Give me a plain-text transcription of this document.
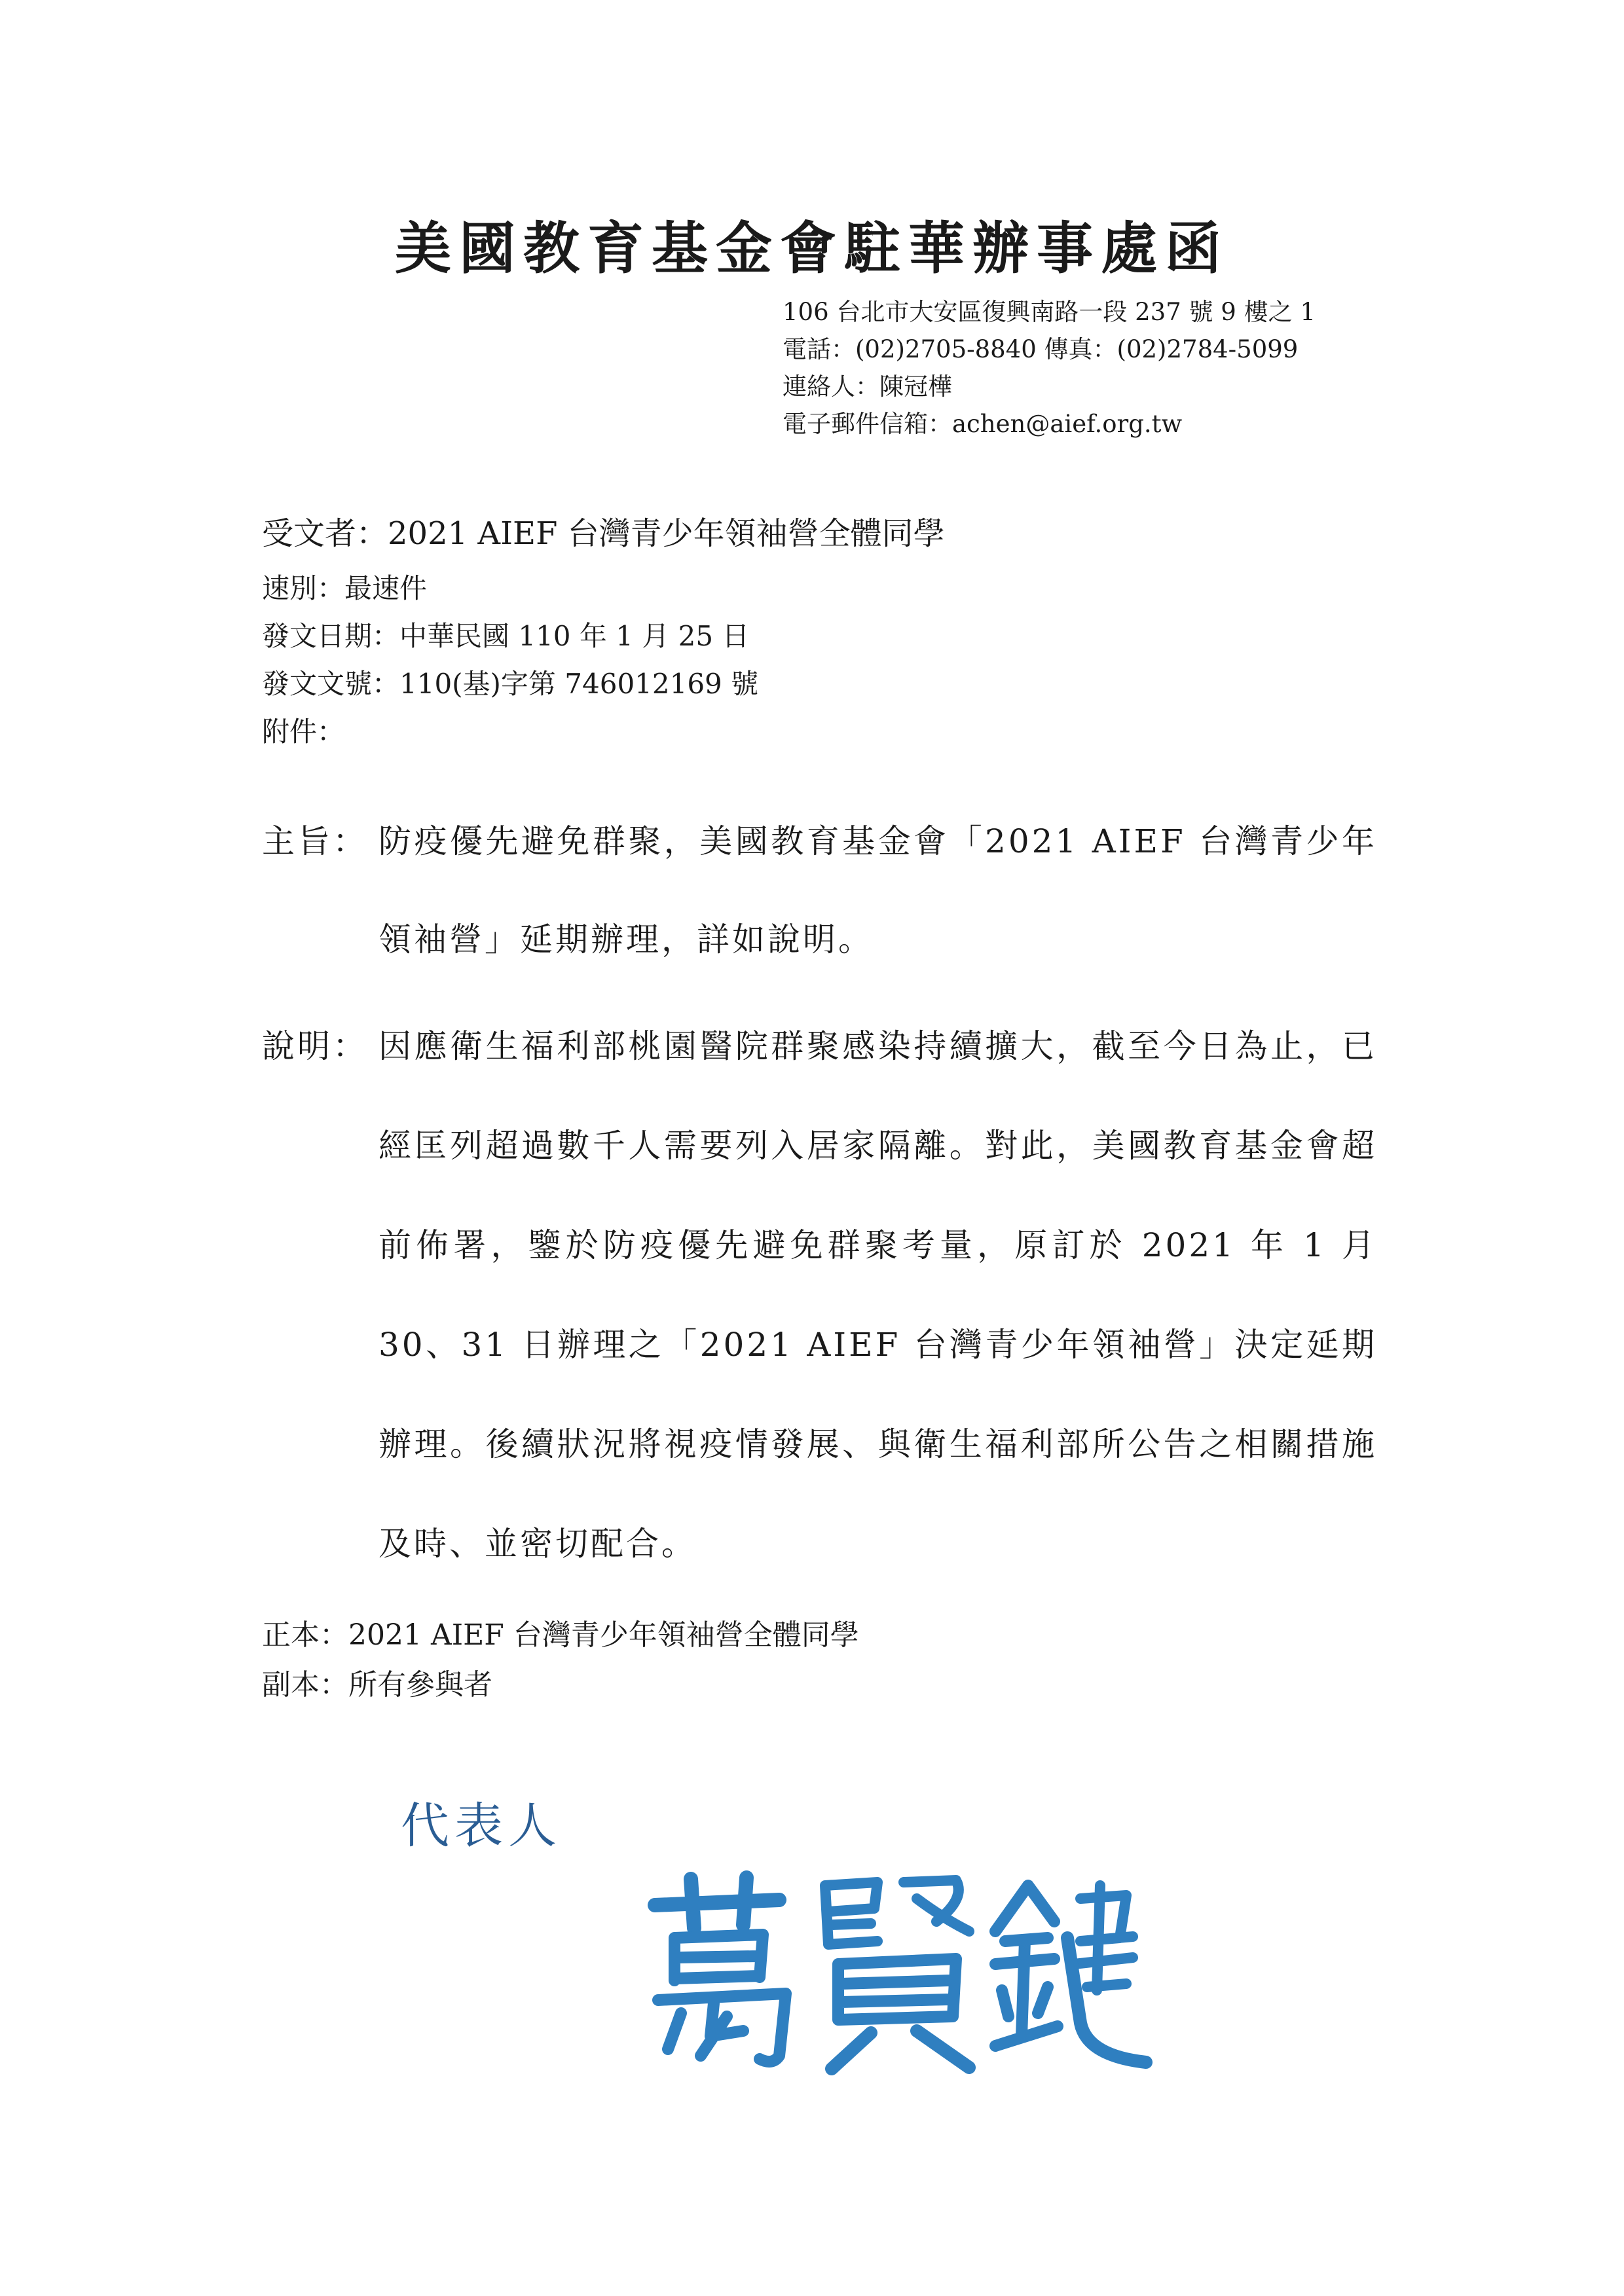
美國教育基金會駐華辦事處函
106 台北市大安區復興南路一段 237 號 9 樓之 1
電話：(02)2705-8840 傳真：(02)2784-5099
連絡人：陳冠樺
電子郵件信箱：achen@aief.org.tw
受文者：2021 AIEF 台灣青少年領袖營全體同學
速別：最速件
發文日期：中華民國 110 年 1 月 25 日
發文文號：110(基)字第 746012169 號
附件：
主旨： 防疫優先避免群聚，美國教育基金會「2021 AIEF 台灣青少年領袖營」延期辦理，詳如說明。
說明： 因應衛生福利部桃園醫院群聚感染持續擴大，截至今日為止，已經匡列超過數千人需要列入居家隔離。對此，美國教育基金會超前佈署，鑒於防疫優先避免群聚考量，原訂於 2021 年 1 月 30、31 日辦理之「2021 AIEF 台灣青少年領袖營」決定延期辦理。後續狀況將視疫情發展、與衛生福利部所公告之相關措施及時、並密切配合。
正本：2021 AIEF 台灣青少年領袖營全體同學
副本：所有參與者
代表人
